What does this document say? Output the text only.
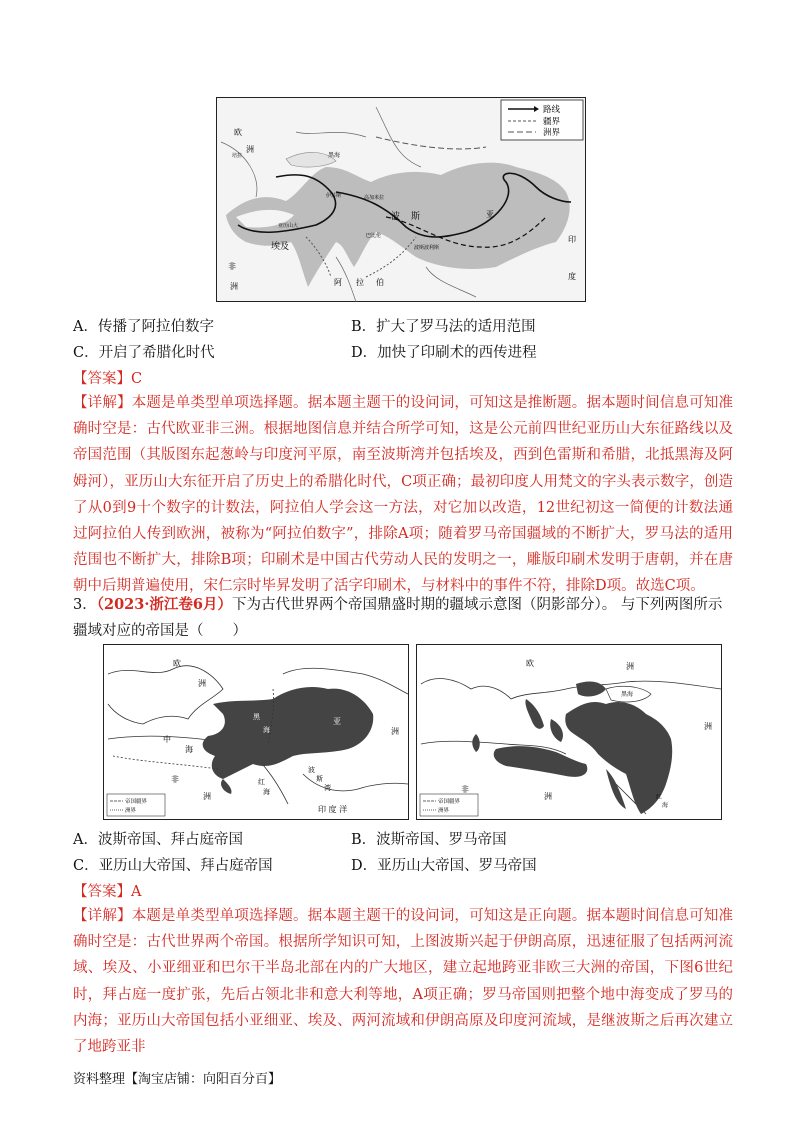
路线
疆界
洲界
欧
洲
培拉	黑海
伊苏斯	高加米拉
波 斯
亚历山大
埃及
巴比伦
波斯波利斯
非
洲	阿 拉 伯
亚
印
度
A．传播了阿拉伯数字	B．扩大了罗马法的适用范围
C．开启了希腊化时代	D．加快了印刷术的西传进程
【答案】C
【详解】本题是单类型单项选择题。据本题主题干的设问词，可知这是推断题。据本题时间信息可知准确时空是：古代欧亚非三洲。根据地图信息并结合所学可知，这是公元前四世纪亚历山大东征路线以及帝国范围（其版图东起葱岭与印度河平原，南至波斯湾并包括埃及，西到色雷斯和希腊，北抵黑海及阿姆河），亚历山大东征开启了历史上的希腊化时代，C项正确；最初印度人用梵文的字头表示数字，创造了从0到9十个数字的计数法，阿拉伯人学会这一方法，对它加以改造，12世纪初这一简便的计数法通过阿拉伯人传到欧洲，被称为“阿拉伯数字”，排除A项；随着罗马帝国疆域的不断扩大，罗马法的适用范围也不断扩大，排除B项；印刷术是中国古代劳动人民的发明之一，雕版印刷术发明于唐朝，并在唐朝中后期普遍使用，宋仁宗时毕昇发明了活字印刷术，与材料中的事件不符，排除D项。故选C项。
3．（2023·浙江卷6月）下为古代世界两个帝国鼎盛时期的疆域示意图（阴影部分）。 与下列两图所示疆域对应的帝国是（　　）
帝国疆界
洲界
欧
洲
亚
洲
非
洲
中
海
黑
海
波
斯
湾
红
海
印 度 洋
帝国疆界
洲界
欧	洲
亚
洲
非
洲
黑海
中
海
红
海
A．波斯帝国、拜占庭帝国	B．波斯帝国、罗马帝国
C．亚历山大帝国、拜占庭帝国	D．亚历山大帝国、罗马帝国
【答案】A
【详解】本题是单类型单项选择题。据本题主题干的设问词，可知这是正向题。据本题时间信息可知准确时空是：古代世界两个帝国。根据所学知识可知，上图波斯兴起于伊朗高原，迅速征服了包括两河流域、埃及、小亚细亚和巴尔干半岛北部在内的广大地区，建立起地跨亚非欧三大洲的帝国，下图6世纪时，拜占庭一度扩张，先后占领北非和意大利等地，A项正确；罗马帝国则把整个地中海变成了罗马的内海；亚历山大帝国包括小亚细亚、埃及、两河流域和伊朗高原及印度河流域，是继波斯之后再次建立了地跨亚非
资料整理【淘宝店铺：向阳百分百】
